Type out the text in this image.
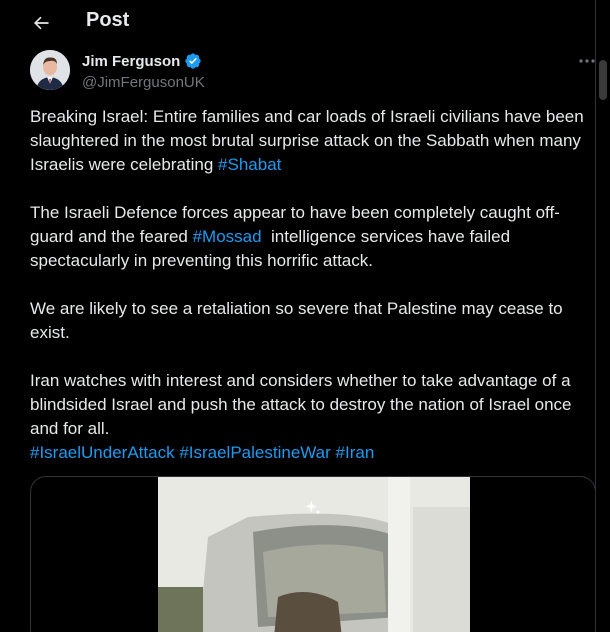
Post
Jim Ferguson
@JimFergusonUK
Breaking Israel: Entire families and car loads of Israeli civilians have been slaughtered in the most brutal surprise attack on the Sabbath when many Israelis were celebrating #Shabat
The Israeli Defence forces appear to have been completely caught off-guard and the feared #Mossad  intelligence services have failed spectacularly in preventing this horrific attack.
We are likely to see a retaliation so severe that Palestine may cease to exist.
Iran watches with interest and considers whether to take advantage of a blindsided Israel and push the attack to destroy the nation of Israel once and for all.
#IsraelUnderAttack #IsraelPalestineWar #Iran
